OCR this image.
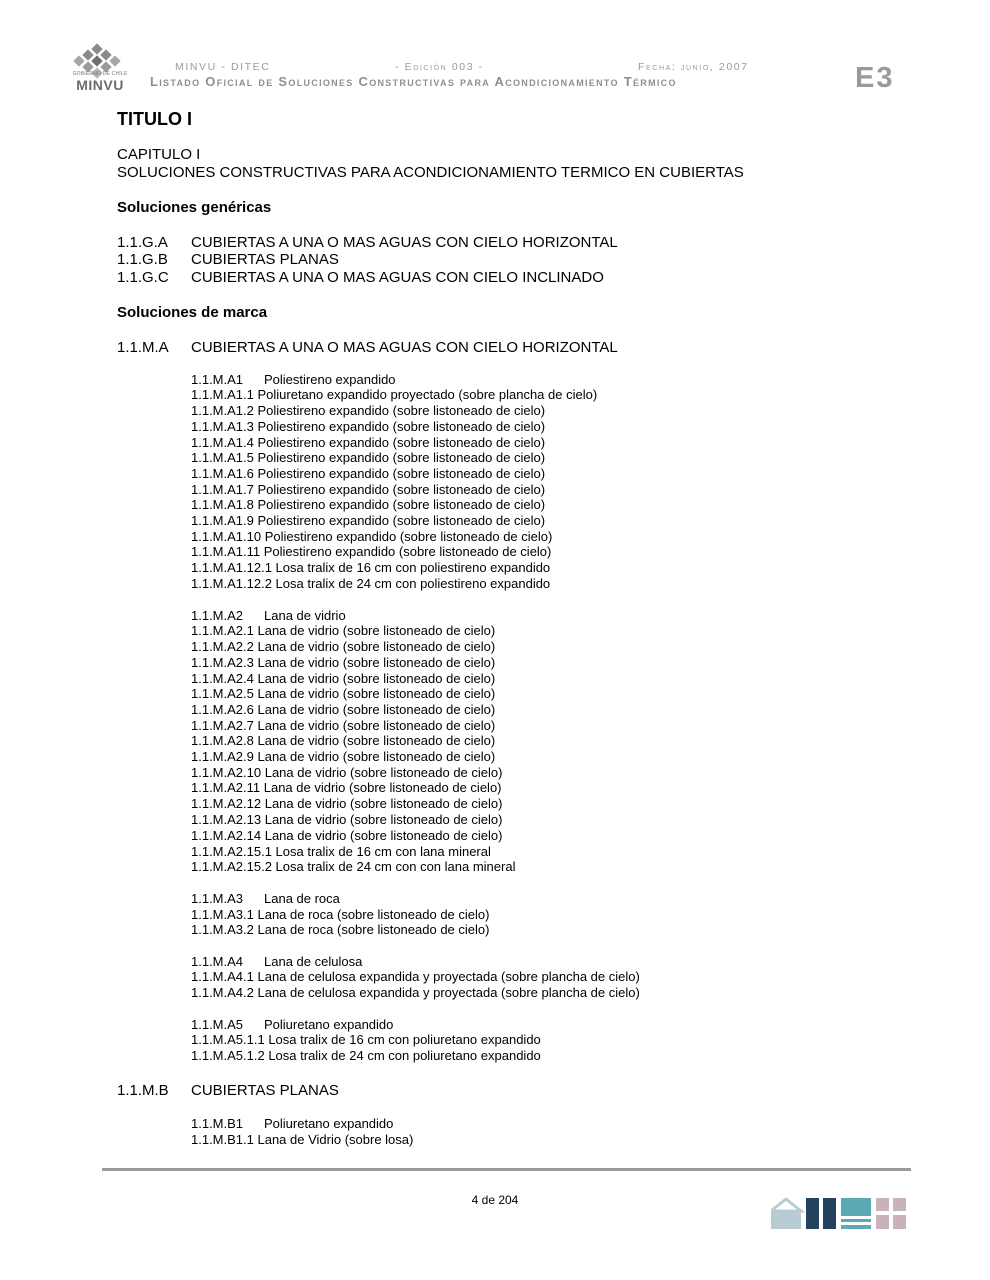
GOBIERNO DE CHILE
MINVU
MINVU - DITEC	- Edición 003 -	Fecha: junio, 2007
Listado Oficial de Soluciones Constructivas para Acondicionamiento Térmico	E3
TITULO I
CAPITULO I
SOLUCIONES CONSTRUCTIVAS PARA ACONDICIONAMIENTO TERMICO EN CUBIERTAS
Soluciones genéricas
1.1.G.A CUBIERTAS A UNA O MAS AGUAS CON CIELO HORIZONTAL
1.1.G.B CUBIERTAS PLANAS
1.1.G.C CUBIERTAS A UNA O MAS AGUAS CON CIELO INCLINADO
Soluciones de marca
1.1.M.A CUBIERTAS A UNA O MAS AGUAS CON CIELO HORIZONTAL
1.1.M.A1 Poliestireno expandido
1.1.M.A1.1 Poliuretano expandido proyectado (sobre plancha de cielo)
1.1.M.A1.2 Poliestireno expandido (sobre listoneado de cielo)
1.1.M.A1.3 Poliestireno expandido (sobre listoneado de cielo)
1.1.M.A1.4 Poliestireno expandido (sobre listoneado de cielo)
1.1.M.A1.5 Poliestireno expandido (sobre listoneado de cielo)
1.1.M.A1.6 Poliestireno expandido (sobre listoneado de cielo)
1.1.M.A1.7 Poliestireno expandido (sobre listoneado de cielo)
1.1.M.A1.8 Poliestireno expandido (sobre listoneado de cielo)
1.1.M.A1.9 Poliestireno expandido (sobre listoneado de cielo)
1.1.M.A1.10 Poliestireno expandido (sobre listoneado de cielo)
1.1.M.A1.11 Poliestireno expandido (sobre listoneado de cielo)
1.1.M.A1.12.1 Losa tralix de 16 cm con poliestireno expandido
1.1.M.A1.12.2 Losa tralix de 24 cm con poliestireno expandido
1.1.M.A2 Lana de vidrio
1.1.M.A2.1 Lana de vidrio (sobre listoneado de cielo)
1.1.M.A2.2 Lana de vidrio (sobre listoneado de cielo)
1.1.M.A2.3 Lana de vidrio (sobre listoneado de cielo)
1.1.M.A2.4 Lana de vidrio (sobre listoneado de cielo)
1.1.M.A2.5 Lana de vidrio (sobre listoneado de cielo)
1.1.M.A2.6 Lana de vidrio (sobre listoneado de cielo)
1.1.M.A2.7 Lana de vidrio (sobre listoneado de cielo)
1.1.M.A2.8 Lana de vidrio (sobre listoneado de cielo)
1.1.M.A2.9 Lana de vidrio (sobre listoneado de cielo)
1.1.M.A2.10 Lana de vidrio (sobre listoneado de cielo)
1.1.M.A2.11 Lana de vidrio (sobre listoneado de cielo)
1.1.M.A2.12 Lana de vidrio (sobre listoneado de cielo)
1.1.M.A2.13 Lana de vidrio (sobre listoneado de cielo)
1.1.M.A2.14 Lana de vidrio (sobre listoneado de cielo)
1.1.M.A2.15.1 Losa tralix de 16 cm con lana mineral
1.1.M.A2.15.2 Losa tralix de 24 cm con con lana mineral
1.1.M.A3 Lana de roca
1.1.M.A3.1 Lana de roca (sobre listoneado de cielo)
1.1.M.A3.2 Lana de roca (sobre listoneado de cielo)
1.1.M.A4 Lana de celulosa
1.1.M.A4.1 Lana de celulosa expandida y proyectada (sobre plancha de cielo)
1.1.M.A4.2 Lana de celulosa expandida y proyectada (sobre plancha de cielo)
1.1.M.A5 Poliuretano expandido
1.1.M.A5.1.1 Losa tralix de 16 cm con poliuretano expandido
1.1.M.A5.1.2 Losa tralix de 24 cm con poliuretano expandido
1.1.M.B CUBIERTAS PLANAS
1.1.M.B1 Poliuretano expandido
1.1.M.B1.1 Lana de Vidrio (sobre losa)
4 de 204
